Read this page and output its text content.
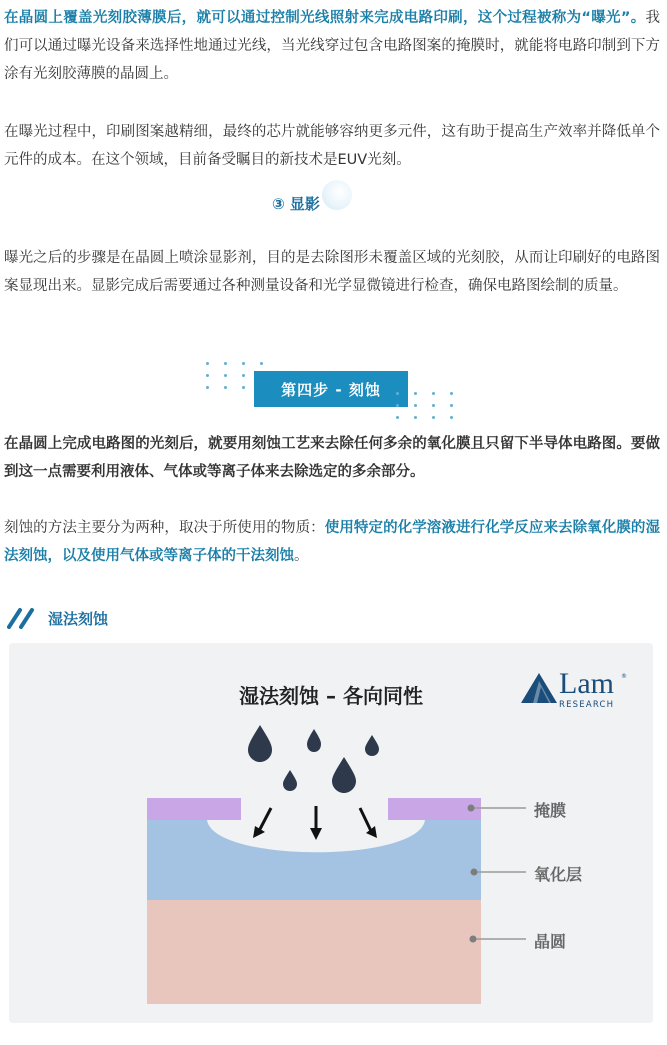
在晶圆上覆盖光刻胶薄膜后，就可以通过控制光线照射来完成电路印刷，这个过程被称为“曝光”。我们可以通过曝光设备来选择性地通过光线，当光线穿过包含电路图案的掩膜时，就能将电路印制到下方涂有光刻胶薄膜的晶圆上。

在曝光过程中，印刷图案越精细，最终的芯片就能够容纳更多元件，这有助于提高生产效率并降低单个元件的成本。在这个领域，目前备受瞩目的新技术是EUV光刻。

③ 显影

曝光之后的步骤是在晶圆上喷涂显影剂，目的是去除图形未覆盖区域的光刻胶，从而让印刷好的电路图案显现出来。显影完成后需要通过各种测量设备和光学显微镜进行检查，确保电路图绘制的质量。

第四步 - 刻蚀

在晶圆上完成电路图的光刻后，就要用刻蚀工艺来去除任何多余的氧化膜且只留下半导体电路图。要做到这一点需要利用液体、气体或等离子体来去除选定的多余部分。

刻蚀的方法主要分为两种，取决于所使用的物质：使用特定的化学溶液进行化学反应来去除氧化膜的湿法刻蚀，以及使用气体或等离子体的干法刻蚀。

湿法刻蚀
湿法刻蚀 – 各向同性	Lam ®
RESEARCH
掩膜
氧化层
晶圆
